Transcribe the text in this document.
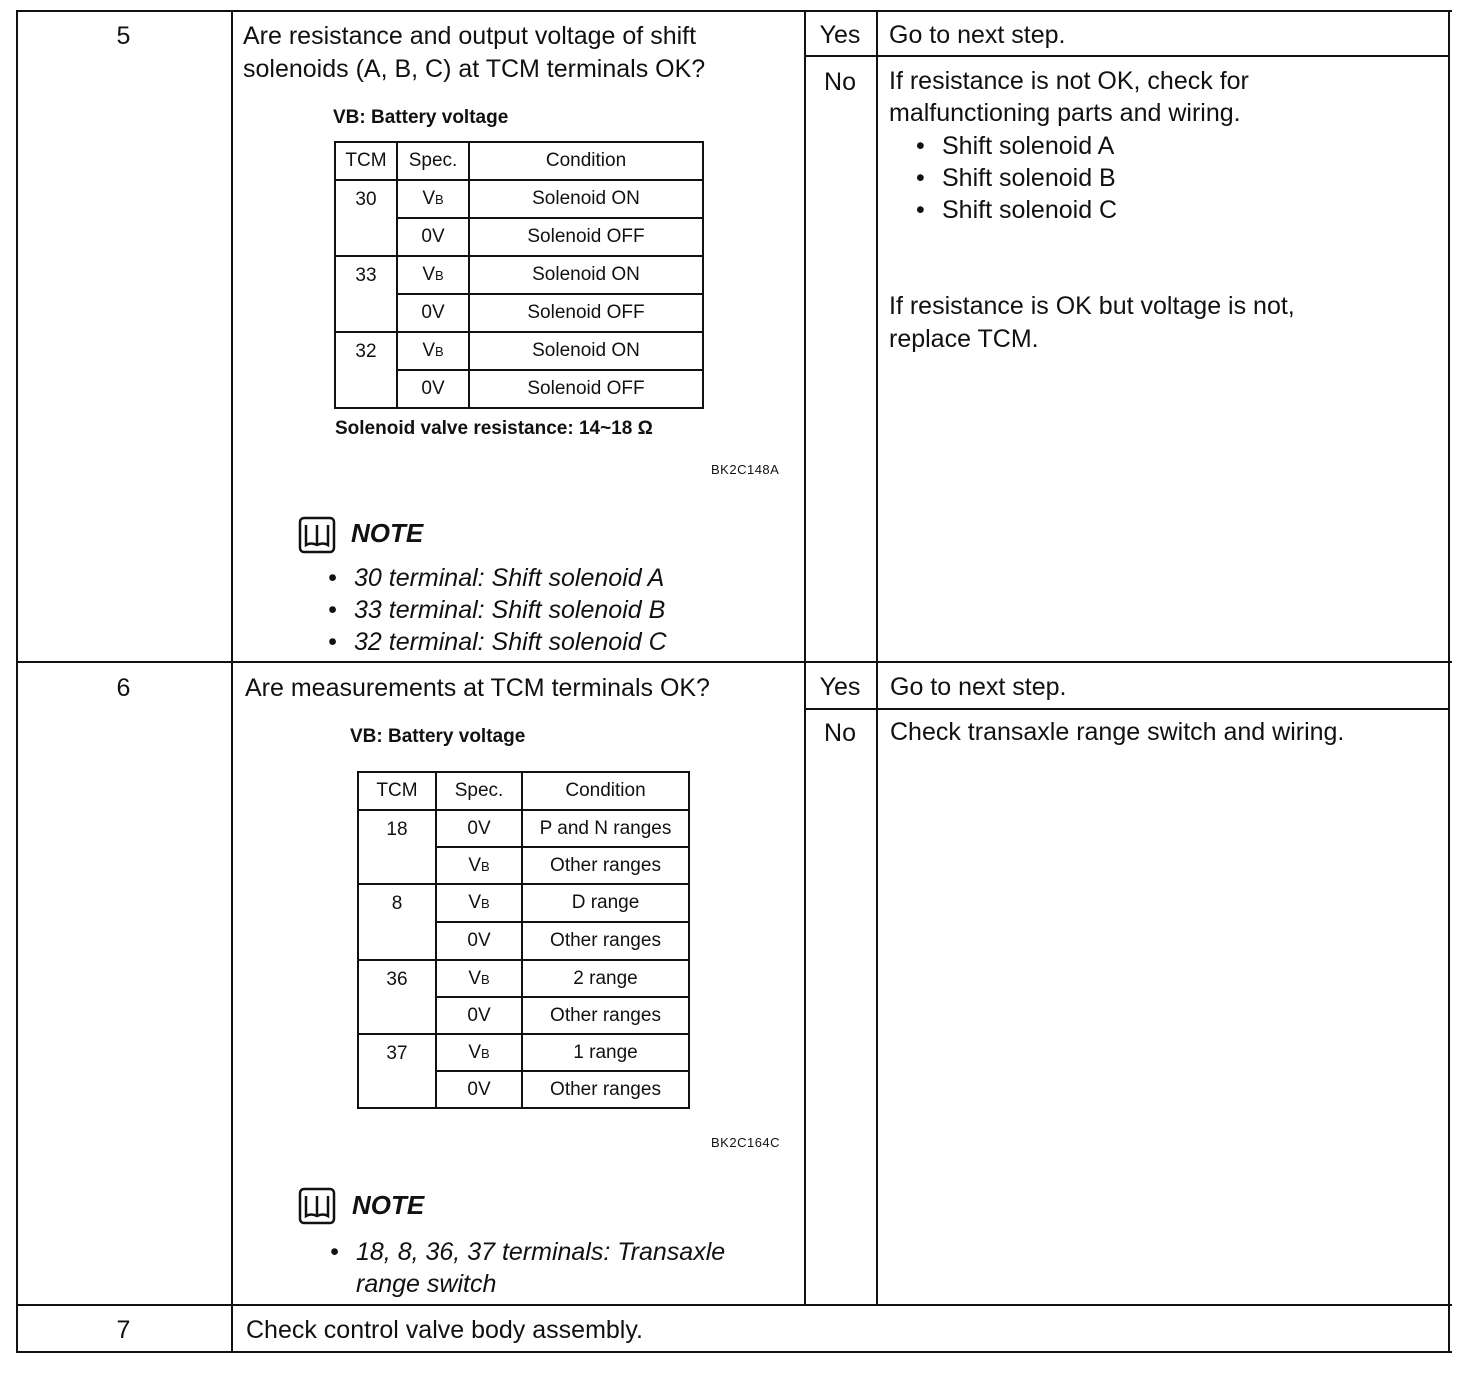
5	Are resistance and output voltage of shift
solenoids (A, B, C) at TCM terminals OK?
VB: Battery voltage
TCM	Spec.	Condition
30	VB	Solenoid ON
	0V	Solenoid OFF
33	VB	Solenoid ON
	0V	Solenoid OFF
32	VB	Solenoid ON
	0V	Solenoid OFF
Solenoid valve resistance: 14~18 Ω
BK2C148A
NOTE
• 30 terminal: Shift solenoid A
• 33 terminal: Shift solenoid B
• 32 terminal: Shift solenoid C
Yes	Go to next step.
No	If resistance is not OK, check for
malfunctioning parts and wiring.
• Shift solenoid A
• Shift solenoid B
• Shift solenoid C
If resistance is OK but voltage is not,
replace TCM.
6	Are measurements at TCM terminals OK?
VB: Battery voltage
TCM	Spec.	Condition
18	0V	P and N ranges
	VB	Other ranges
8	VB	D range
	0V	Other ranges
36	VB	2 range
	0V	Other ranges
37	VB	1 range
	0V	Other ranges
BK2C164C
NOTE
• 18, 8, 36, 37 terminals: Transaxle
range switch
Yes	Go to next step.
No	Check transaxle range switch and wiring.
7	Check control valve body assembly.
